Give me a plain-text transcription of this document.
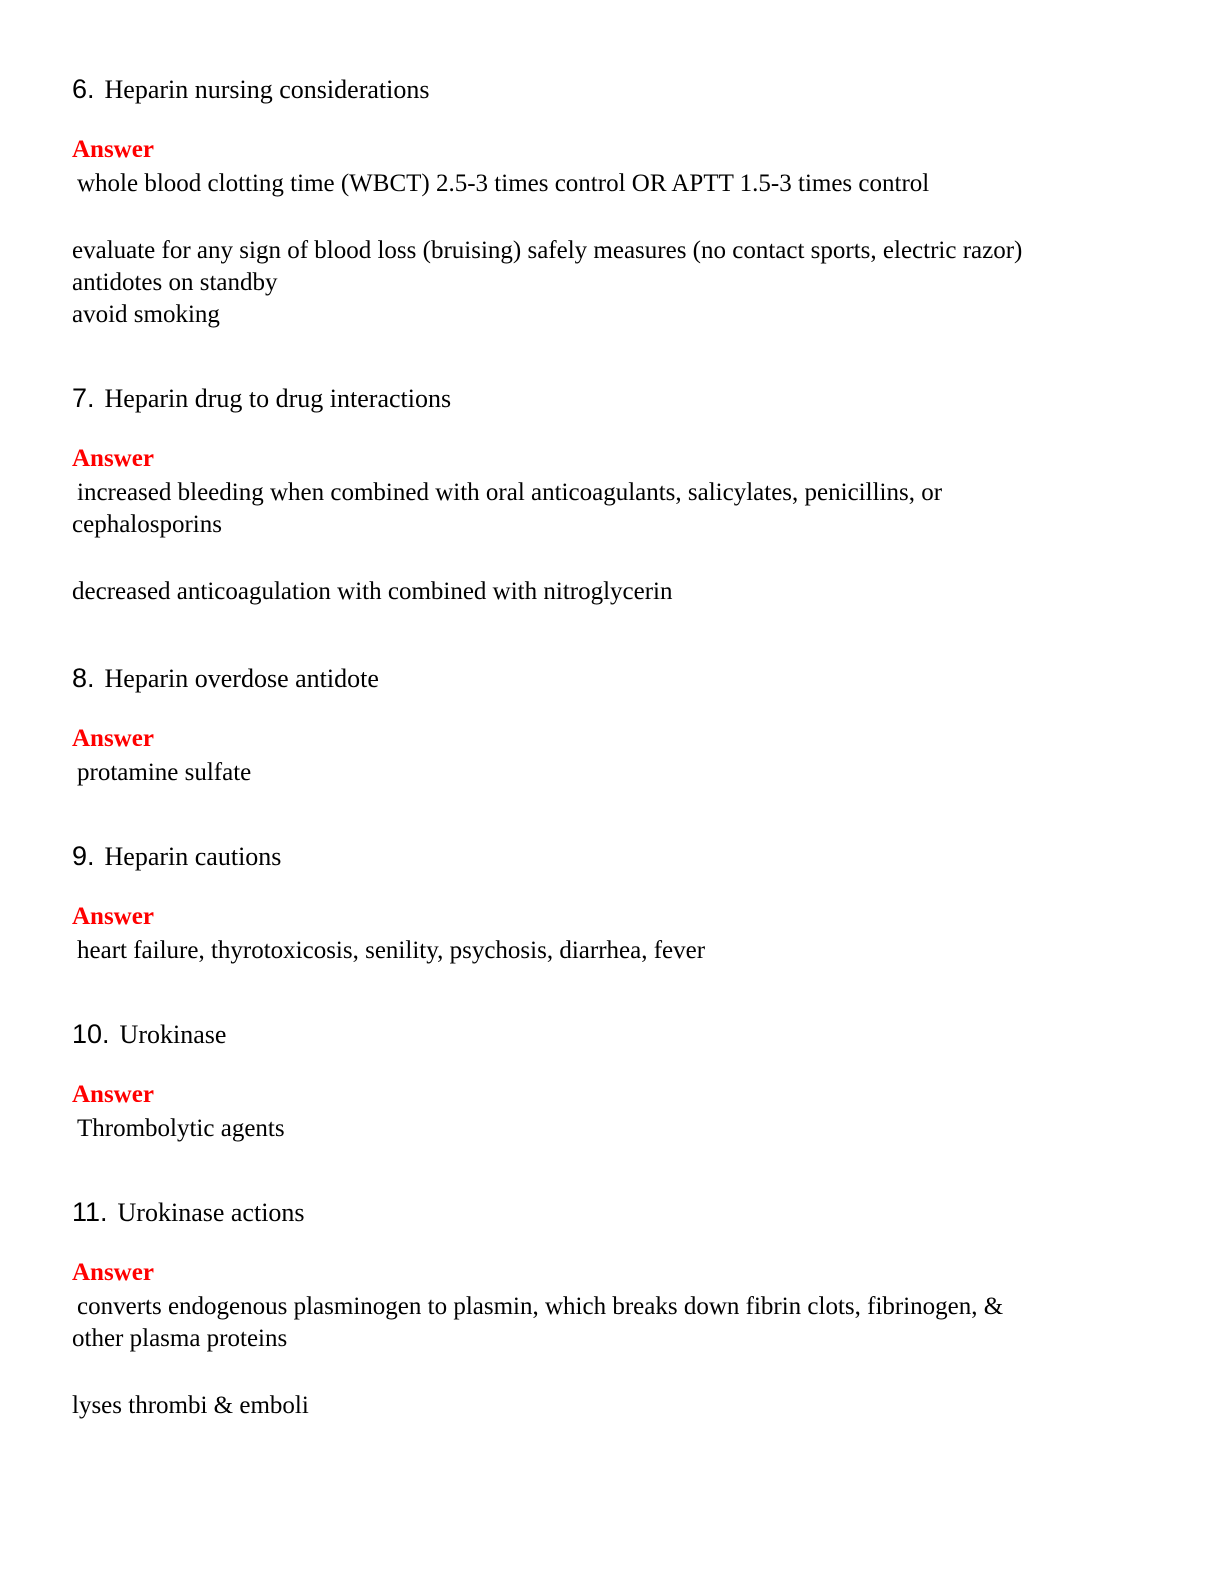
6. Heparin nursing considerations
Answer

whole blood clotting time (WBCT) 2.5-3 times control OR APTT 1.5-3 times control

evaluate for any sign of blood loss (bruising) safely measures (no contact sports, electric razor)

antidotes on standby

avoid smoking

7. Heparin drug to drug interactions
Answer

increased bleeding when combined with oral anticoagulants, salicylates, penicillins, or

cephalosporins

decreased anticoagulation with combined with nitroglycerin

8. Heparin overdose antidote
Answer

protamine sulfate

9. Heparin cautions
Answer

heart failure, thyrotoxicosis, senility, psychosis, diarrhea, fever

10. Urokinase
Answer

Thrombolytic agents

11. Urokinase actions
Answer

converts endogenous plasminogen to plasmin, which breaks down fibrin clots, fibrinogen, &

other plasma proteins

lyses thrombi & emboli
